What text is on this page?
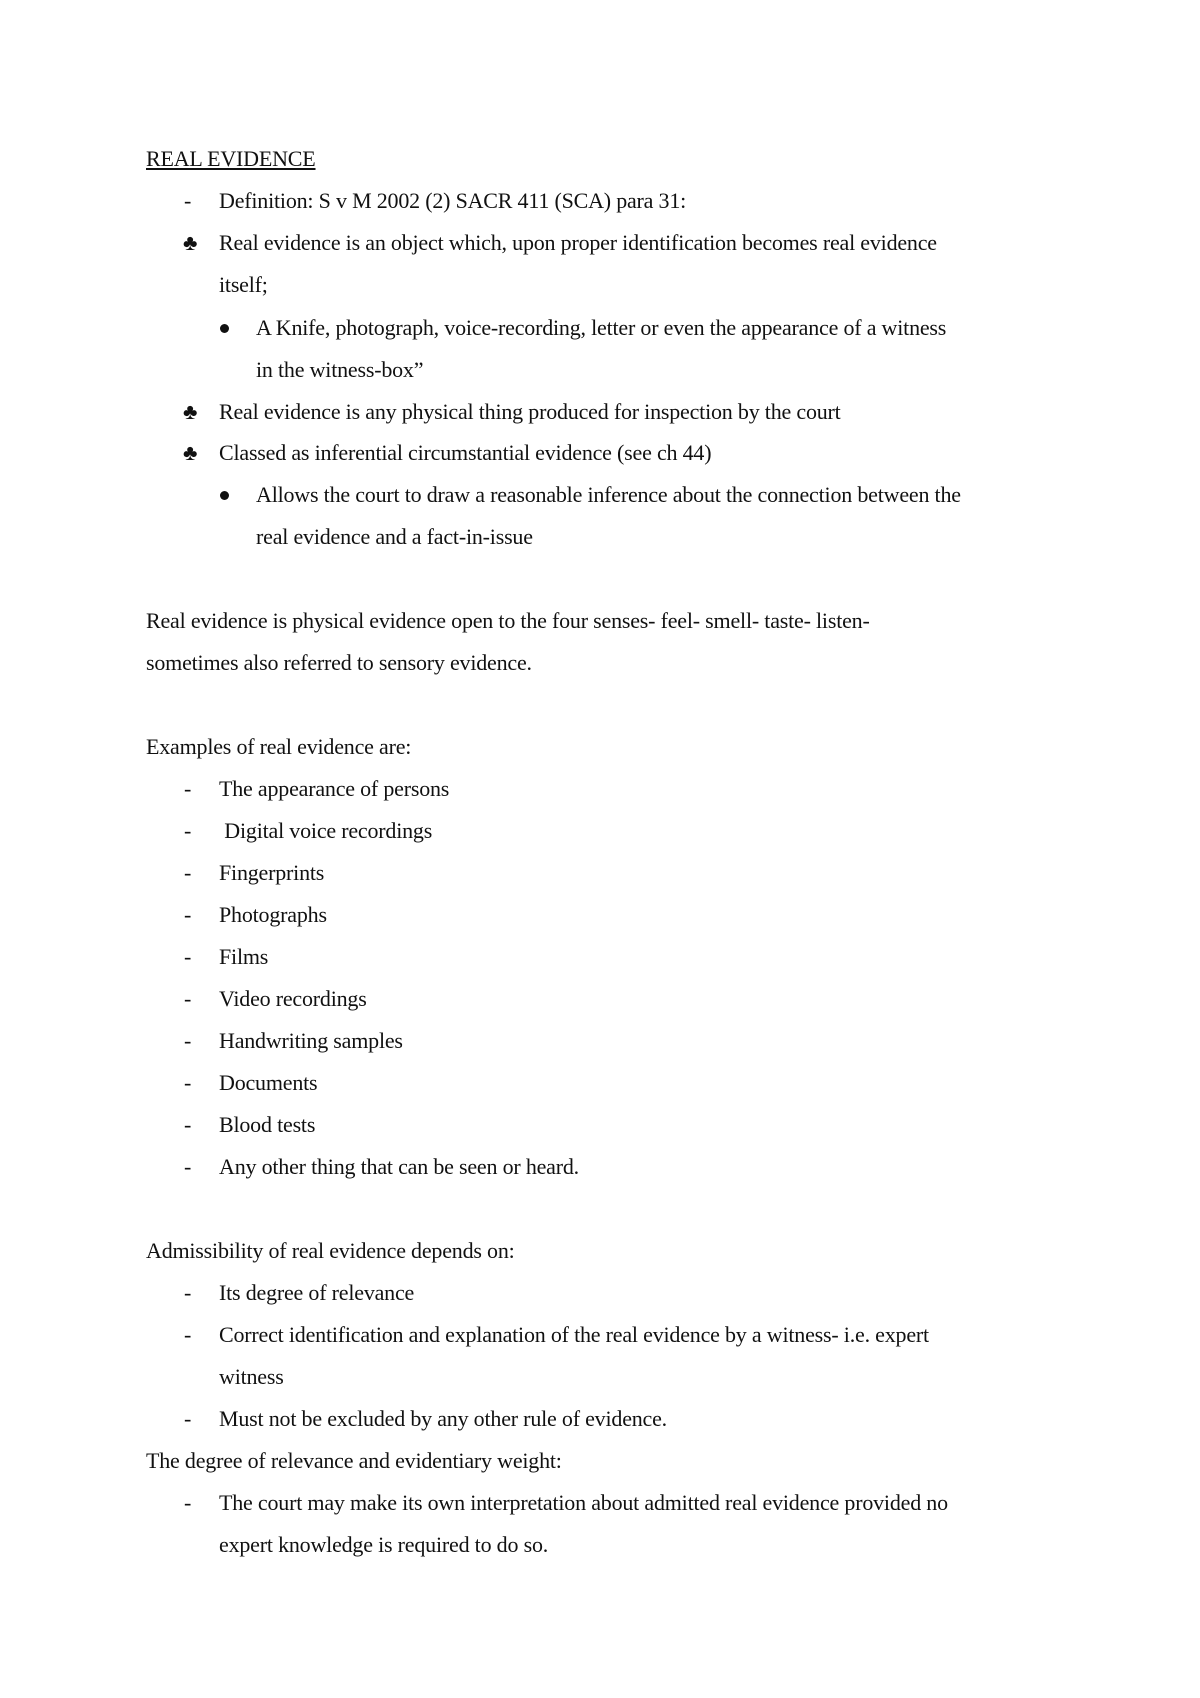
REAL EVIDENCE
- Definition: S v M 2002 (2) SACR 411 (SCA) para 31:
♣ Real evidence is an object which, upon proper identification becomes real evidence
itself;
A Knife, photograph, voice-recording, letter or even the appearance of a witness
in the witness-box”
♣ Real evidence is any physical thing produced for inspection by the court
♣ Classed as inferential circumstantial evidence (see ch 44)
Allows the court to draw a reasonable inference about the connection between the
real evidence and a fact-in-issue
Real evidence is physical evidence open to the four senses- feel- smell- taste- listen-
sometimes also referred to sensory evidence.
Examples of real evidence are:
- The appearance of persons
- Digital voice recordings
- Fingerprints
- Photographs
- Films
- Video recordings
- Handwriting samples
- Documents
- Blood tests
- Any other thing that can be seen or heard.
Admissibility of real evidence depends on:
- Its degree of relevance
- Correct identification and explanation of the real evidence by a witness- i.e. expert
witness
- Must not be excluded by any other rule of evidence.
The degree of relevance and evidentiary weight:
- The court may make its own interpretation about admitted real evidence provided no
expert knowledge is required to do so.
